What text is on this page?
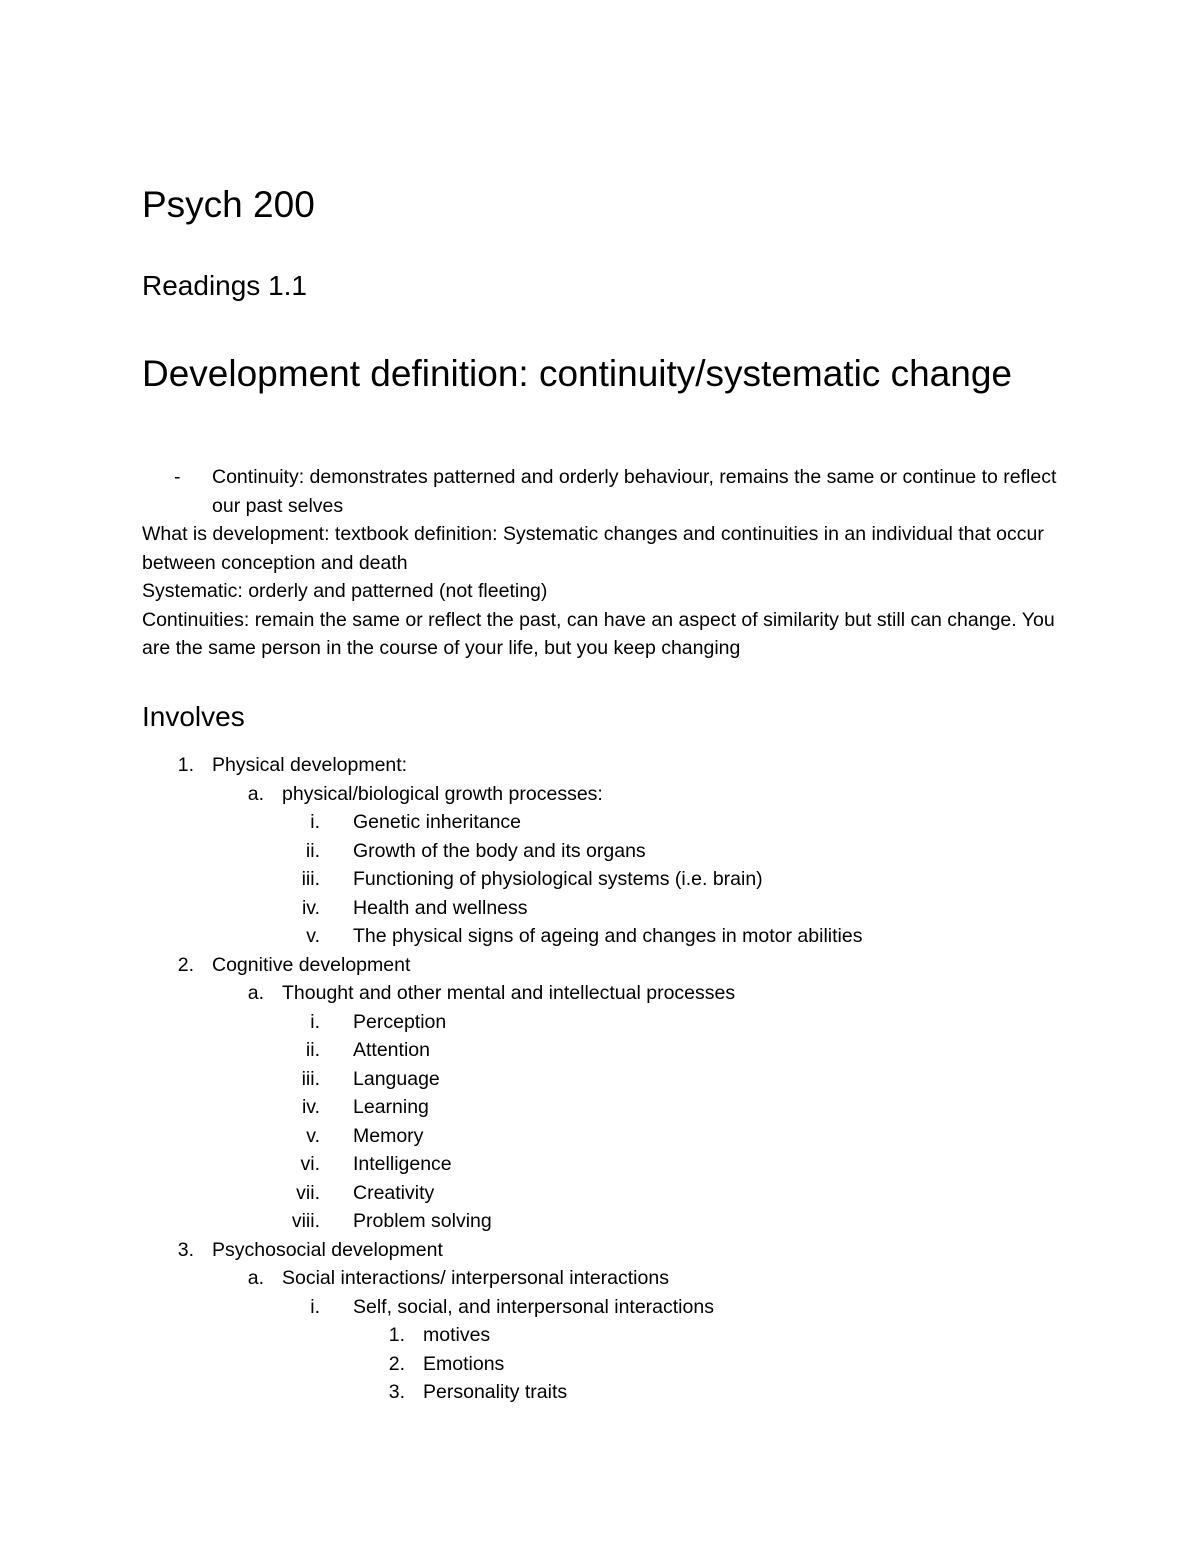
Psych 200
Readings 1.1
Development definition: continuity/systematic change
- Continuity: demonstrates patterned and orderly behaviour, remains the same or continue to reflect our past selves

What is development: textbook definition: Systematic changes and continuities in an individual that occur between conception and death

Systematic: orderly and patterned (not fleeting)

Continuities: remain the same or reflect the past, can have an aspect of similarity but still can change. You are the same person in the course of your life, but you keep changing

Involves
1. Physical development:
a. physical/biological growth processes:
i. Genetic inheritance
ii. Growth of the body and its organs
iii. Functioning of physiological systems (i.e. brain)
iv. Health and wellness
v. The physical signs of ageing and changes in motor abilities
2. Cognitive development
a. Thought and other mental and intellectual processes
i. Perception
ii. Attention
iii. Language
iv. Learning
v. Memory
vi. Intelligence
vii. Creativity
viii. Problem solving
3. Psychosocial development
a. Social interactions/ interpersonal interactions
i. Self, social, and interpersonal interactions
1. motives
2. Emotions
3. Personality traits
